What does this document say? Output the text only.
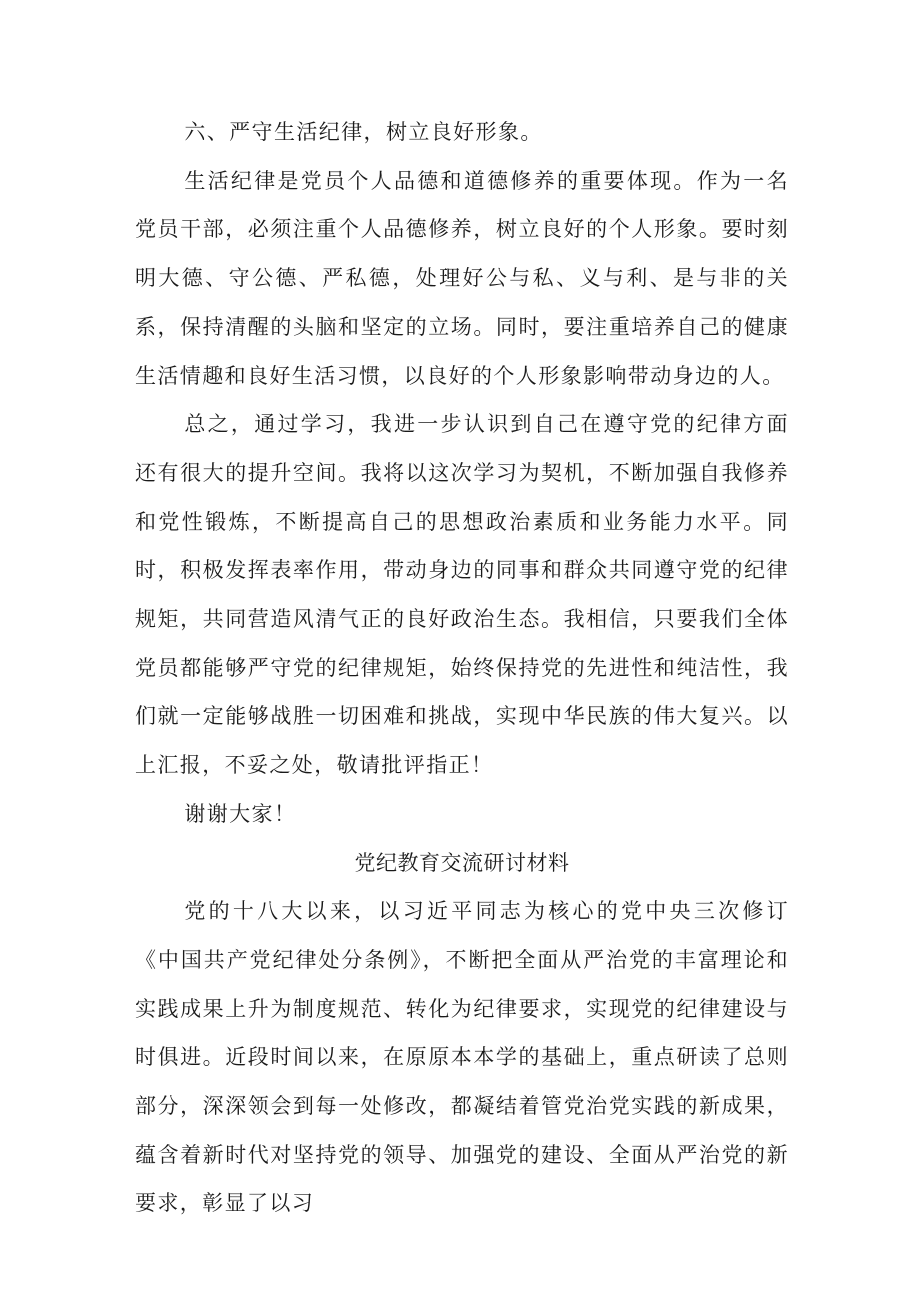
六、严守生活纪律，树立良好形象。

生活纪律是党员个人品德和道德修养的重要体现。作为一名党员干部，必须注重个人品德修养，树立良好的个人形象。要时刻明大德、守公德、严私德，处理好公与私、义与利、是与非的关系，保持清醒的头脑和坚定的立场。同时，要注重培养自己的健康生活情趣和良好生活习惯，以良好的个人形象影响带动身边的人。

总之，通过学习，我进一步认识到自己在遵守党的纪律方面还有很大的提升空间。我将以这次学习为契机，不断加强自我修养和党性锻炼，不断提高自己的思想政治素质和业务能力水平。同时，积极发挥表率作用，带动身边的同事和群众共同遵守党的纪律规矩，共同营造风清气正的良好政治生态。我相信，只要我们全体党员都能够严守党的纪律规矩，始终保持党的先进性和纯洁性，我们就一定能够战胜一切困难和挑战，实现中华民族的伟大复兴。以上汇报，不妥之处，敬请批评指正！

谢谢大家！

党纪教育交流研讨材料

党的十八大以来，以习近平同志为核心的党中央三次修订《中国共产党纪律处分条例》，不断把全面从严治党的丰富理论和实践成果上升为制度规范、转化为纪律要求，实现党的纪律建设与时俱进。近段时间以来，在原原本本学的基础上，重点研读了总则部分，深深领会到每一处修改，都凝结着管党治党实践的新成果，蕴含着新时代对坚持党的领导、加强党的建设、全面从严治党的新要求，彰显了以习
